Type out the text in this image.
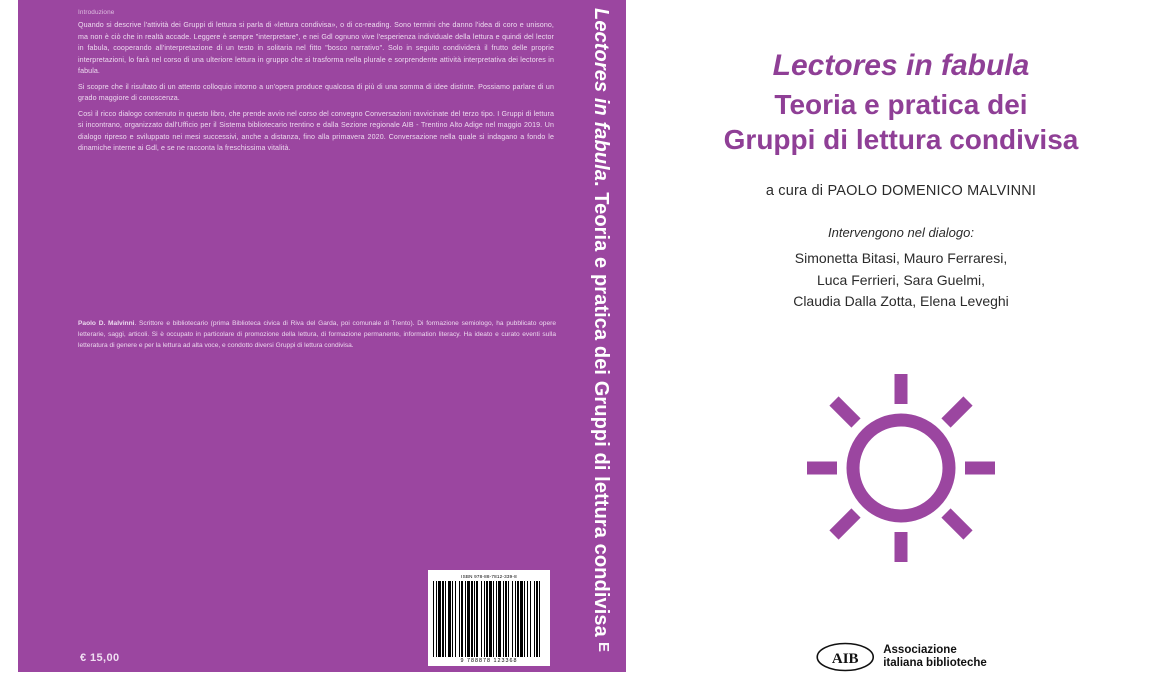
Introduzione

Quando si descrive l'attività dei Gruppi di lettura si parla di «lettura condivisa», o di co-reading. Sono termini che danno l'idea di coro e unisono, ma non è ciò che in realtà accade. Leggere è sempre "interpretare", e nei Gdl ognuno vive l'esperienza individuale della lettura e quindi del lector in fabula, cooperando all'interpretazione di un testo in solitaria nel fitto "bosco narrativo". Solo in seguito condividerà il frutto delle proprie interpretazioni, lo farà nel corso di una ulteriore lettura in gruppo che si trasforma nella plurale e sorprendente attività interpretativa dei lectores in fabula.

Si scopre che il risultato di un attento colloquio intorno a un'opera produce qualcosa di più di una somma di idee distinte. Possiamo parlare di un grado maggiore di conoscenza.

Così il ricco dialogo contenuto in questo libro, che prende avvio nel corso del convegno Conversazioni ravvicinate del terzo tipo. I Gruppi di lettura si incontrano, organizzato dall'Ufficio per il Sistema bibliotecario trentino e dalla Sezione regionale AIB - Trentino Alto Adige nel maggio 2019. Un dialogo ripreso e sviluppato nei mesi successivi, anche a distanza, fino alla primavera 2020. Conversazione nella quale si indagano a fondo le dinamiche interne ai Gdl, e se ne racconta la freschissima vitalità.

Paolo D. Malvinni. Scrittore e bibliotecario (prima Biblioteca civica di Riva del Garda, poi comunale di Trento). Di formazione semiologo, ha pubblicato opere letterarie, saggi, articoli. Si è occupato in particolare di promozione della lettura, di formazione permanente, information literacy. Ha ideato e curato eventi sulla letteratura di genere e per la lettura ad alta voce, e condotto diversi Gruppi di lettura condivisa.
€ 15,00
ISBN 978-88-7812-339-8
9 788878 123368
Lectores in fabula. Teoria e pratica dei Gruppi di lettura condivisa
E
Lectores in fabula
Teoria e pratica dei
Gruppi di lettura condivisa
a cura di PAOLO DOMENICO MALVINNI
Intervengono nel dialogo:
Simonetta Bitasi, Mauro Ferraresi,
Luca Ferrieri, Sara Guelmi,
Claudia Dalla Zotta, Elena Leveghi
AIB
Associazione
italiana biblioteche
